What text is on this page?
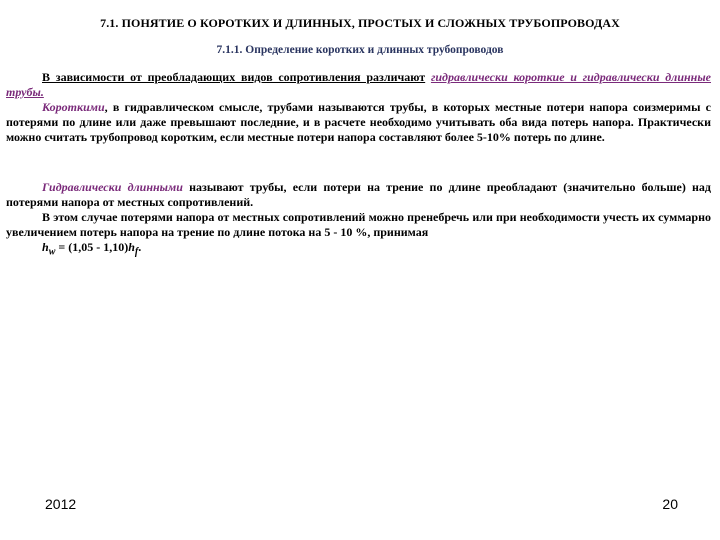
7.1. ПОНЯТИЕ О КОРОТКИХ И ДЛИННЫХ, ПРОСТЫХ И СЛОЖНЫХ ТРУБОПРОВОДАХ
7.1.1. Определение коротких и длинных трубопроводов
В зависимости от преобладающих видов сопротивления различают гидравлически короткие и гидравлически длинные трубы.
Короткими, в гидравлическом смысле, трубами называются трубы, в которых местные потери напора соизмеримы с потерями по длине или даже превышают последние, и в расчете необходимо учитывать оба вида потерь напора. Практически можно считать трубопровод коротким, если местные потери напора составляют более 5-10% потерь по длине.
Гидравлически длинными называют трубы, если потери на трение по длине преобладают (значительно больше) над потерями напора от местных сопротивлений.
В этом случае потерями напора от местных сопротивлений можно пренебречь или при необходимости учесть их суммарно увеличением потерь напора на трение по длине потока на 5 - 10 %, принимая
$h_w = (1,05 - 1,10)h_f$.
2012	20
